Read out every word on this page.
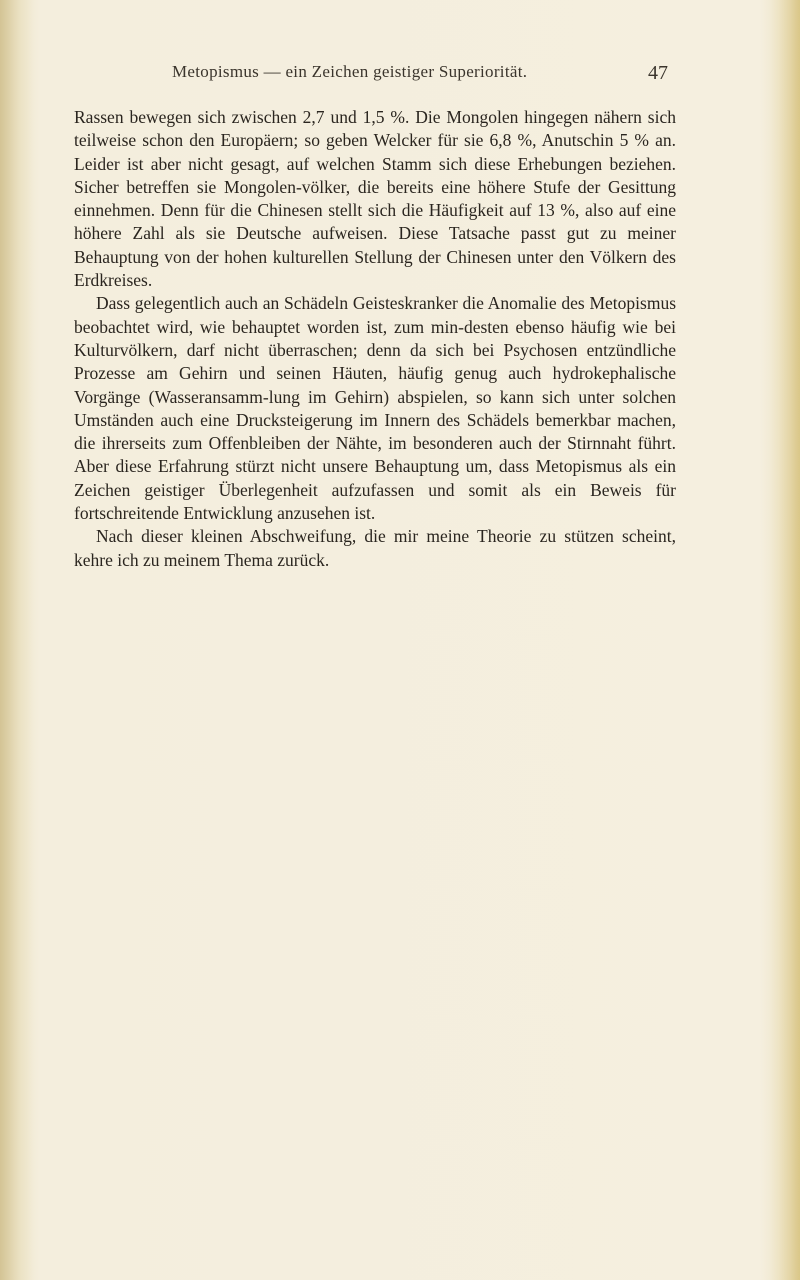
Metopismus — ein Zeichen geistiger Superiorität.	47

Rassen bewegen sich zwischen 2,7 und 1,5 %. Die Mongolen hingegen nähern sich teilweise schon den Europäern; so geben Welcker für sie 6,8 %, Anutschin 5 % an. Leider ist aber nicht gesagt, auf welchen Stamm sich diese Erhebungen beziehen. Sicher betreffen sie Mongolen-völker, die bereits eine höhere Stufe der Gesittung einnehmen. Denn für die Chinesen stellt sich die Häufigkeit auf 13 %, also auf eine höhere Zahl als sie Deutsche aufweisen. Diese Tatsache passt gut zu meiner Behauptung von der hohen kulturellen Stellung der Chinesen unter den Völkern des Erdkreises.

Dass gelegentlich auch an Schädeln Geisteskranker die Anomalie des Metopismus beobachtet wird, wie behauptet worden ist, zum min-desten ebenso häufig wie bei Kulturvölkern, darf nicht überraschen; denn da sich bei Psychosen entzündliche Prozesse am Gehirn und seinen Häuten, häufig genug auch hydrokephalische Vorgänge (Wasseransamm-lung im Gehirn) abspielen, so kann sich unter solchen Umständen auch eine Drucksteigerung im Innern des Schädels bemerkbar machen, die ihrerseits zum Offenbleiben der Nähte, im besonderen auch der Stirnnaht führt. Aber diese Erfahrung stürzt nicht unsere Behauptung um, dass Metopismus als ein Zeichen geistiger Überlegenheit aufzufassen und somit als ein Beweis für fortschreitende Entwicklung anzusehen ist.

Nach dieser kleinen Abschweifung, die mir meine Theorie zu stützen scheint, kehre ich zu meinem Thema zurück.
